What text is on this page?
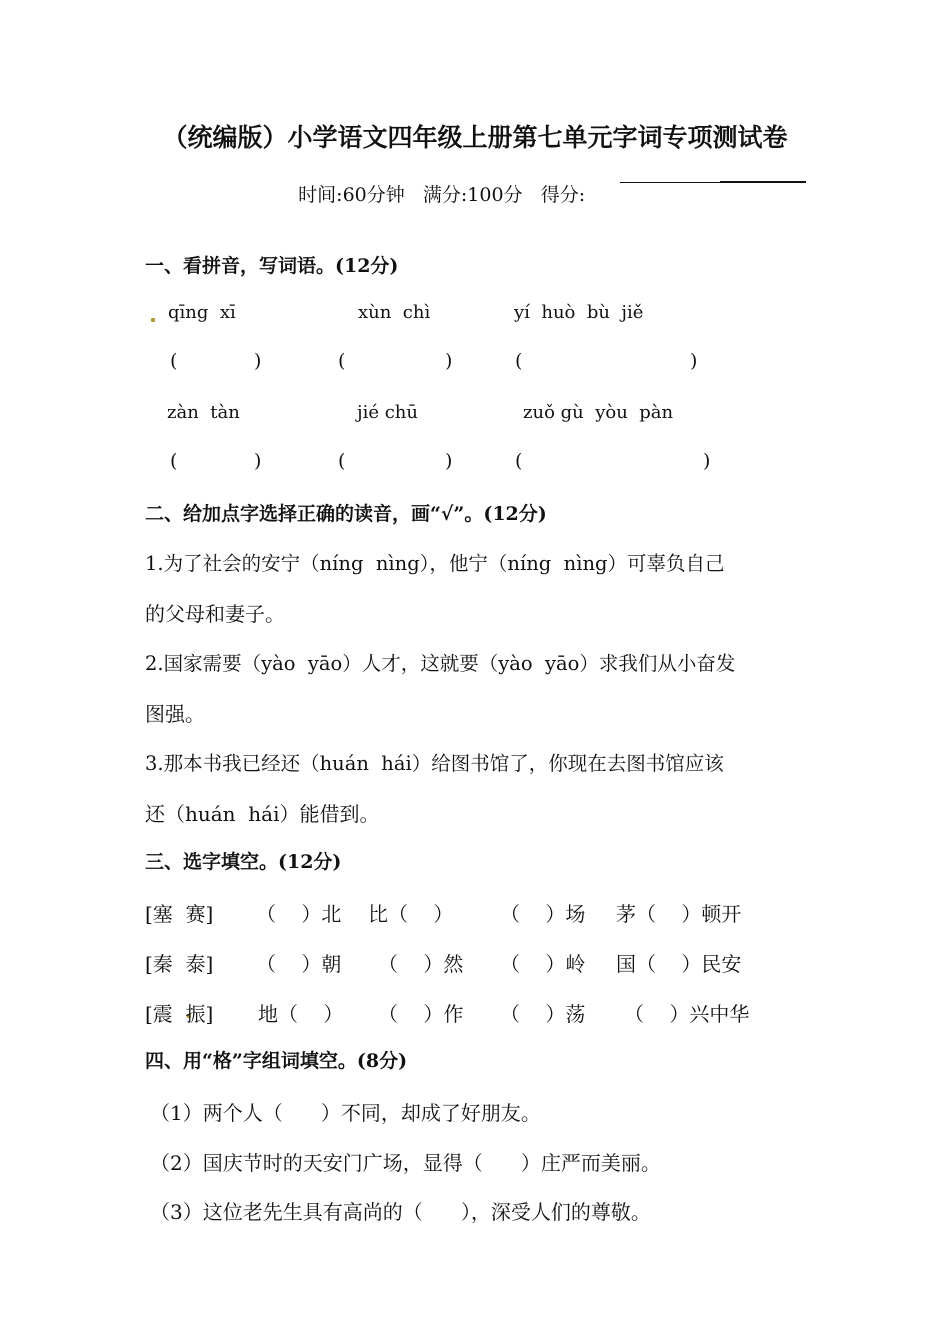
（统编版）小学语文四年级上册第七单元字词专项测试卷

时间:60分钟 满分:100分 得分:

一、看拼音，写词语。(12分)
qīng  xī	xùn  chì	yí  huò  bù  jiě
(	)	(	)	(	)
zàn  tàn	jié chū	zuǒ gù  yòu  pàn
(	)	(	)	(	)
二、给加点字选择正确的读音，画“√”。(12分)
1.为了社会的安宁（níng  nìng），他宁（níng  nìng）可辜负自己
的父母和妻子。
2.国家需要（yào  yāo）人才，这就要（yào  yāo）求我们从小奋发
图强。
3.那本书我已经还（huán  hái）给图书馆了，你现在去图书馆应该
还（huán  hái）能借到。
三、选字填空。(12分)
[塞  赛] （    ）北 比（    ） （    ）场 茅（    ）顿开
[秦  泰] （    ）朝 （    ）然 （    ）岭 国（    ）民安
[震  振] 地（    ） （    ）作 （    ）荡 （    ）兴中华
四、用“格”字组词填空。(8分)
（1）两个人（      ）不同，却成了好朋友。
（2）国庆节时的天安门广场，显得（      ）庄严而美丽。
（3）这位老先生具有高尚的（      ），深受人们的尊敬。
